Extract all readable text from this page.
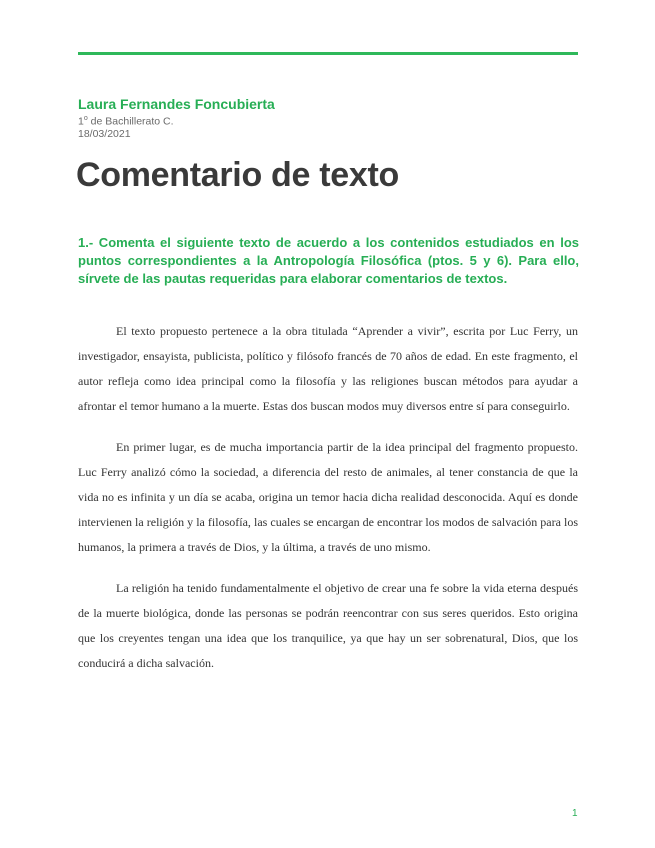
Laura Fernandes Foncubierta
1$^o$ de Bachillerato C.
18/03/2021
Comentario de texto
1.- Comenta el siguiente texto de acuerdo a los contenidos estudiados en los puntos correspondientes a la Antropología Filosófica (ptos. 5 y 6). Para ello, sírvete de las pautas requeridas para elaborar comentarios de textos.

El texto propuesto pertenece a la obra titulada “Aprender a vivir”, escrita por Luc Ferry, un investigador, ensayista, publicista, político y filósofo francés de 70 años de edad. En este fragmento, el autor refleja como idea principal como la filosofía y las religiones buscan métodos para ayudar a afrontar el temor humano a la muerte. Estas dos buscan modos muy diversos entre sí para conseguirlo.

En primer lugar, es de mucha importancia partir de la idea principal del fragmento propuesto. Luc Ferry analizó cómo la sociedad, a diferencia del resto de animales, al tener constancia de que la vida no es infinita y un día se acaba, origina un temor hacia dicha realidad desconocida. Aquí es donde intervienen la religión y la filosofía, las cuales se encargan de encontrar los modos de salvación para los humanos, la primera a través de Dios, y la última, a través de uno mismo.

La religión ha tenido fundamentalmente el objetivo de crear una fe sobre la vida eterna después de la muerte biológica, donde las personas se podrán reencontrar con sus seres queridos. Esto origina que los creyentes tengan una idea que los tranquilice, ya que hay un ser sobrenatural, Dios, que los conducirá a dicha salvación.

1
